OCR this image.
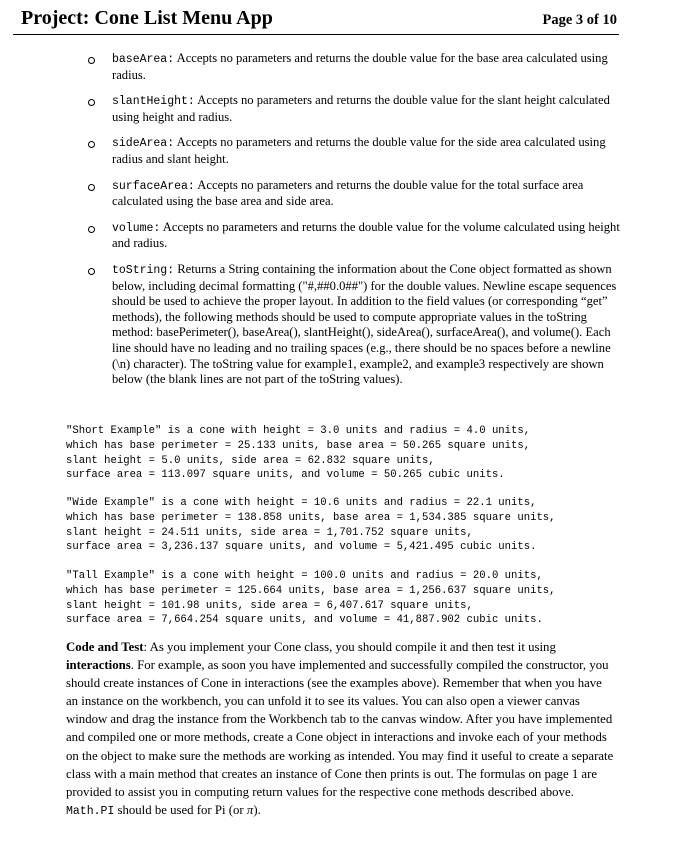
Project: Cone List Menu App	Page 3 of 10
baseArea: Accepts no parameters and returns the double value for the base area calculated using radius.
slantHeight: Accepts no parameters and returns the double value for the slant height calculated using height and radius.
sideArea: Accepts no parameters and returns the double value for the side area calculated using radius and slant height.
surfaceArea: Accepts no parameters and returns the double value for the total surface area calculated using the base area and side area.
volume: Accepts no parameters and returns the double value for the volume calculated using height and radius.
toString: Returns a String containing the information about the Cone object formatted as shown below, including decimal formatting ("#,##0.0##") for the double values. Newline escape sequences should be used to achieve the proper layout. In addition to the field values (or corresponding “get” methods), the following methods should be used to compute appropriate values in the toString method: basePerimeter(), baseArea(), slantHeight(), sideArea(), surfaceArea(), and volume(). Each line should have no leading and no trailing spaces (e.g., there should be no spaces before a newline (\n) character). The toString value for example1, example2, and example3 respectively are shown below (the blank lines are not part of the toString values).
"Short Example" is a cone with height = 3.0 units and radius = 4.0 units,
which has base perimeter = 25.133 units, base area = 50.265 square units,
slant height = 5.0 units, side area = 62.832 square units,
surface area = 113.097 square units, and volume = 50.265 cubic units.
"Wide Example" is a cone with height = 10.6 units and radius = 22.1 units,
which has base perimeter = 138.858 units, base area = 1,534.385 square units,
slant height = 24.511 units, side area = 1,701.752 square units,
surface area = 3,236.137 square units, and volume = 5,421.495 cubic units.
"Tall Example" is a cone with height = 100.0 units and radius = 20.0 units,
which has base perimeter = 125.664 units, base area = 1,256.637 square units,
slant height = 101.98 units, side area = 6,407.617 square units,
surface area = 7,664.254 square units, and volume = 41,887.902 cubic units.

Code and Test: As you implement your Cone class, you should compile it and then test it using interactions. For example, as soon you have implemented and successfully compiled the constructor, you should create instances of Cone in interactions (see the examples above). Remember that when you have an instance on the workbench, you can unfold it to see its values. You can also open a viewer canvas window and drag the instance from the Workbench tab to the canvas window. After you have implemented and compiled one or more methods, create a Cone object in interactions and invoke each of your methods on the object to make sure the methods are working as intended. You may find it useful to create a separate class with a main method that creates an instance of Cone then prints is out. The formulas on page 1 are provided to assist you in computing return values for the respective cone methods described above. Math.PI should be used for Pi (or π).
